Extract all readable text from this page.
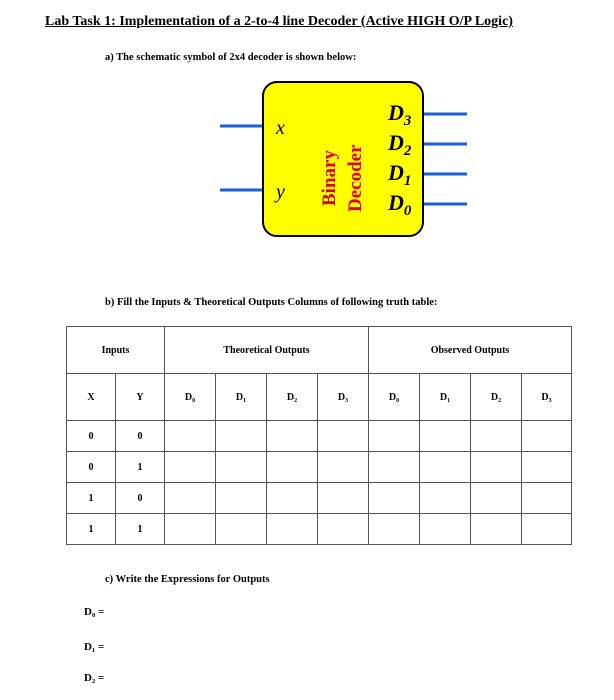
Lab Task 1: Implementation of a 2-to-4 line Decoder (Active HIGH O/P Logic)
a) The schematic symbol of 2x4 decoder is shown below:
x
y Binary Decoder
$D_3$
$D_2$
$D_1$
$D_0$
b) Fill the Inputs & Theoretical Outputs Columns of following truth table:
Inputs		Theoretical Outputs				Observed Outputs			
X	Y	D₀	D₁	D₂	D₃	D₀	D₁	D₂	D₃
0	0								
0	1								
1	0								
1	1								
c) Write the Expressions for Outputs
D₀ =
D₁ =
D₂ =
